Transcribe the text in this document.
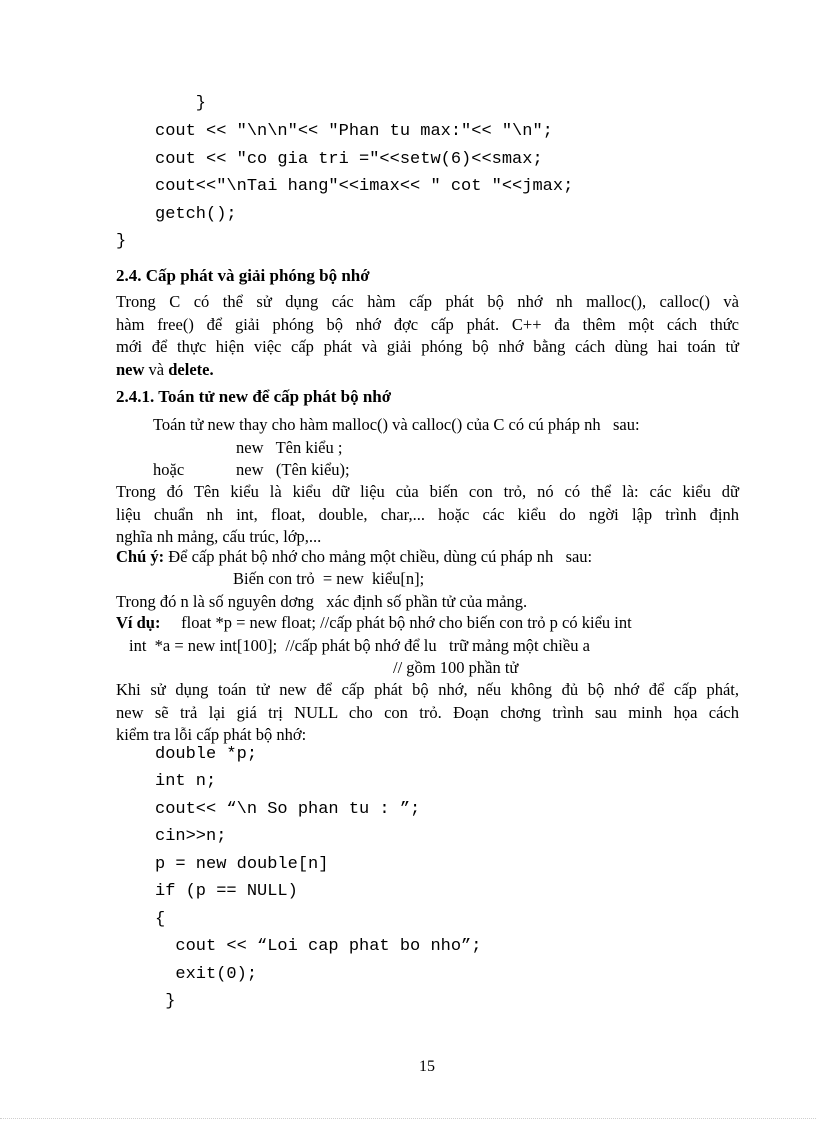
}
cout << "\n\n"<< "Phan tu max:"<< "\n";
cout << "co gia tri ="<<setw(6)<<smax;
cout<<"\nTai hang"<<imax<< " cot "<<jmax;
getch();
}
2.4. Cấp phát và giải phóng bộ nhớ
Trong C có thể sử dụng các hàm cấp phát bộ nhớ nh malloc(), calloc() và
hàm free() để giải phóng bộ nhớ đợc cấp phát. C++ đa thêm một cách thức
mới để thực hiện việc cấp phát và giải phóng bộ nhớ bằng cách dùng hai toán tử
new và delete.
2.4.1. Toán tử new để cấp phát bộ nhớ
Toán tử new thay cho hàm malloc() và calloc() của C có cú pháp nh   sau:
new   Tên kiểu ;
hoặc	new   (Tên kiểu);
Trong đó Tên kiểu là kiểu dữ liệu của biến con trỏ, nó có thể là: các kiểu dữ
liệu chuẩn nh int, float, double, char,... hoặc các kiểu do ngời lập trình định
nghĩa nh mảng, cấu trúc, lớp,...
Chú ý: Để cấp phát bộ nhớ cho mảng một chiều, dùng cú pháp nh   sau:
Biến con trỏ  = new  kiểu[n];
Trong đó n là số nguyên dơng   xác định số phần tử của mảng.
Ví dụ:     float *p = new float; //cấp phát bộ nhớ cho biến con trỏ p có kiểu int
int  *a = new int[100];  //cấp phát bộ nhớ để lu   trữ mảng một chiều a
// gồm 100 phần tử
Khi sử dụng toán tử new để cấp phát bộ nhớ, nếu không đủ bộ nhớ để cấp phát,
new sẽ trả lại giá trị NULL cho con trỏ. Đoạn chơng trình sau minh họa cách
kiểm tra lỗi cấp phát bộ nhớ:
double *p;
int n;
cout<< “\n So phan tu : ”;
cin>>n;
p = new double[n]
if (p == NULL)
{
cout << “Loi cap phat bo nho”;
exit(0);
}
15
